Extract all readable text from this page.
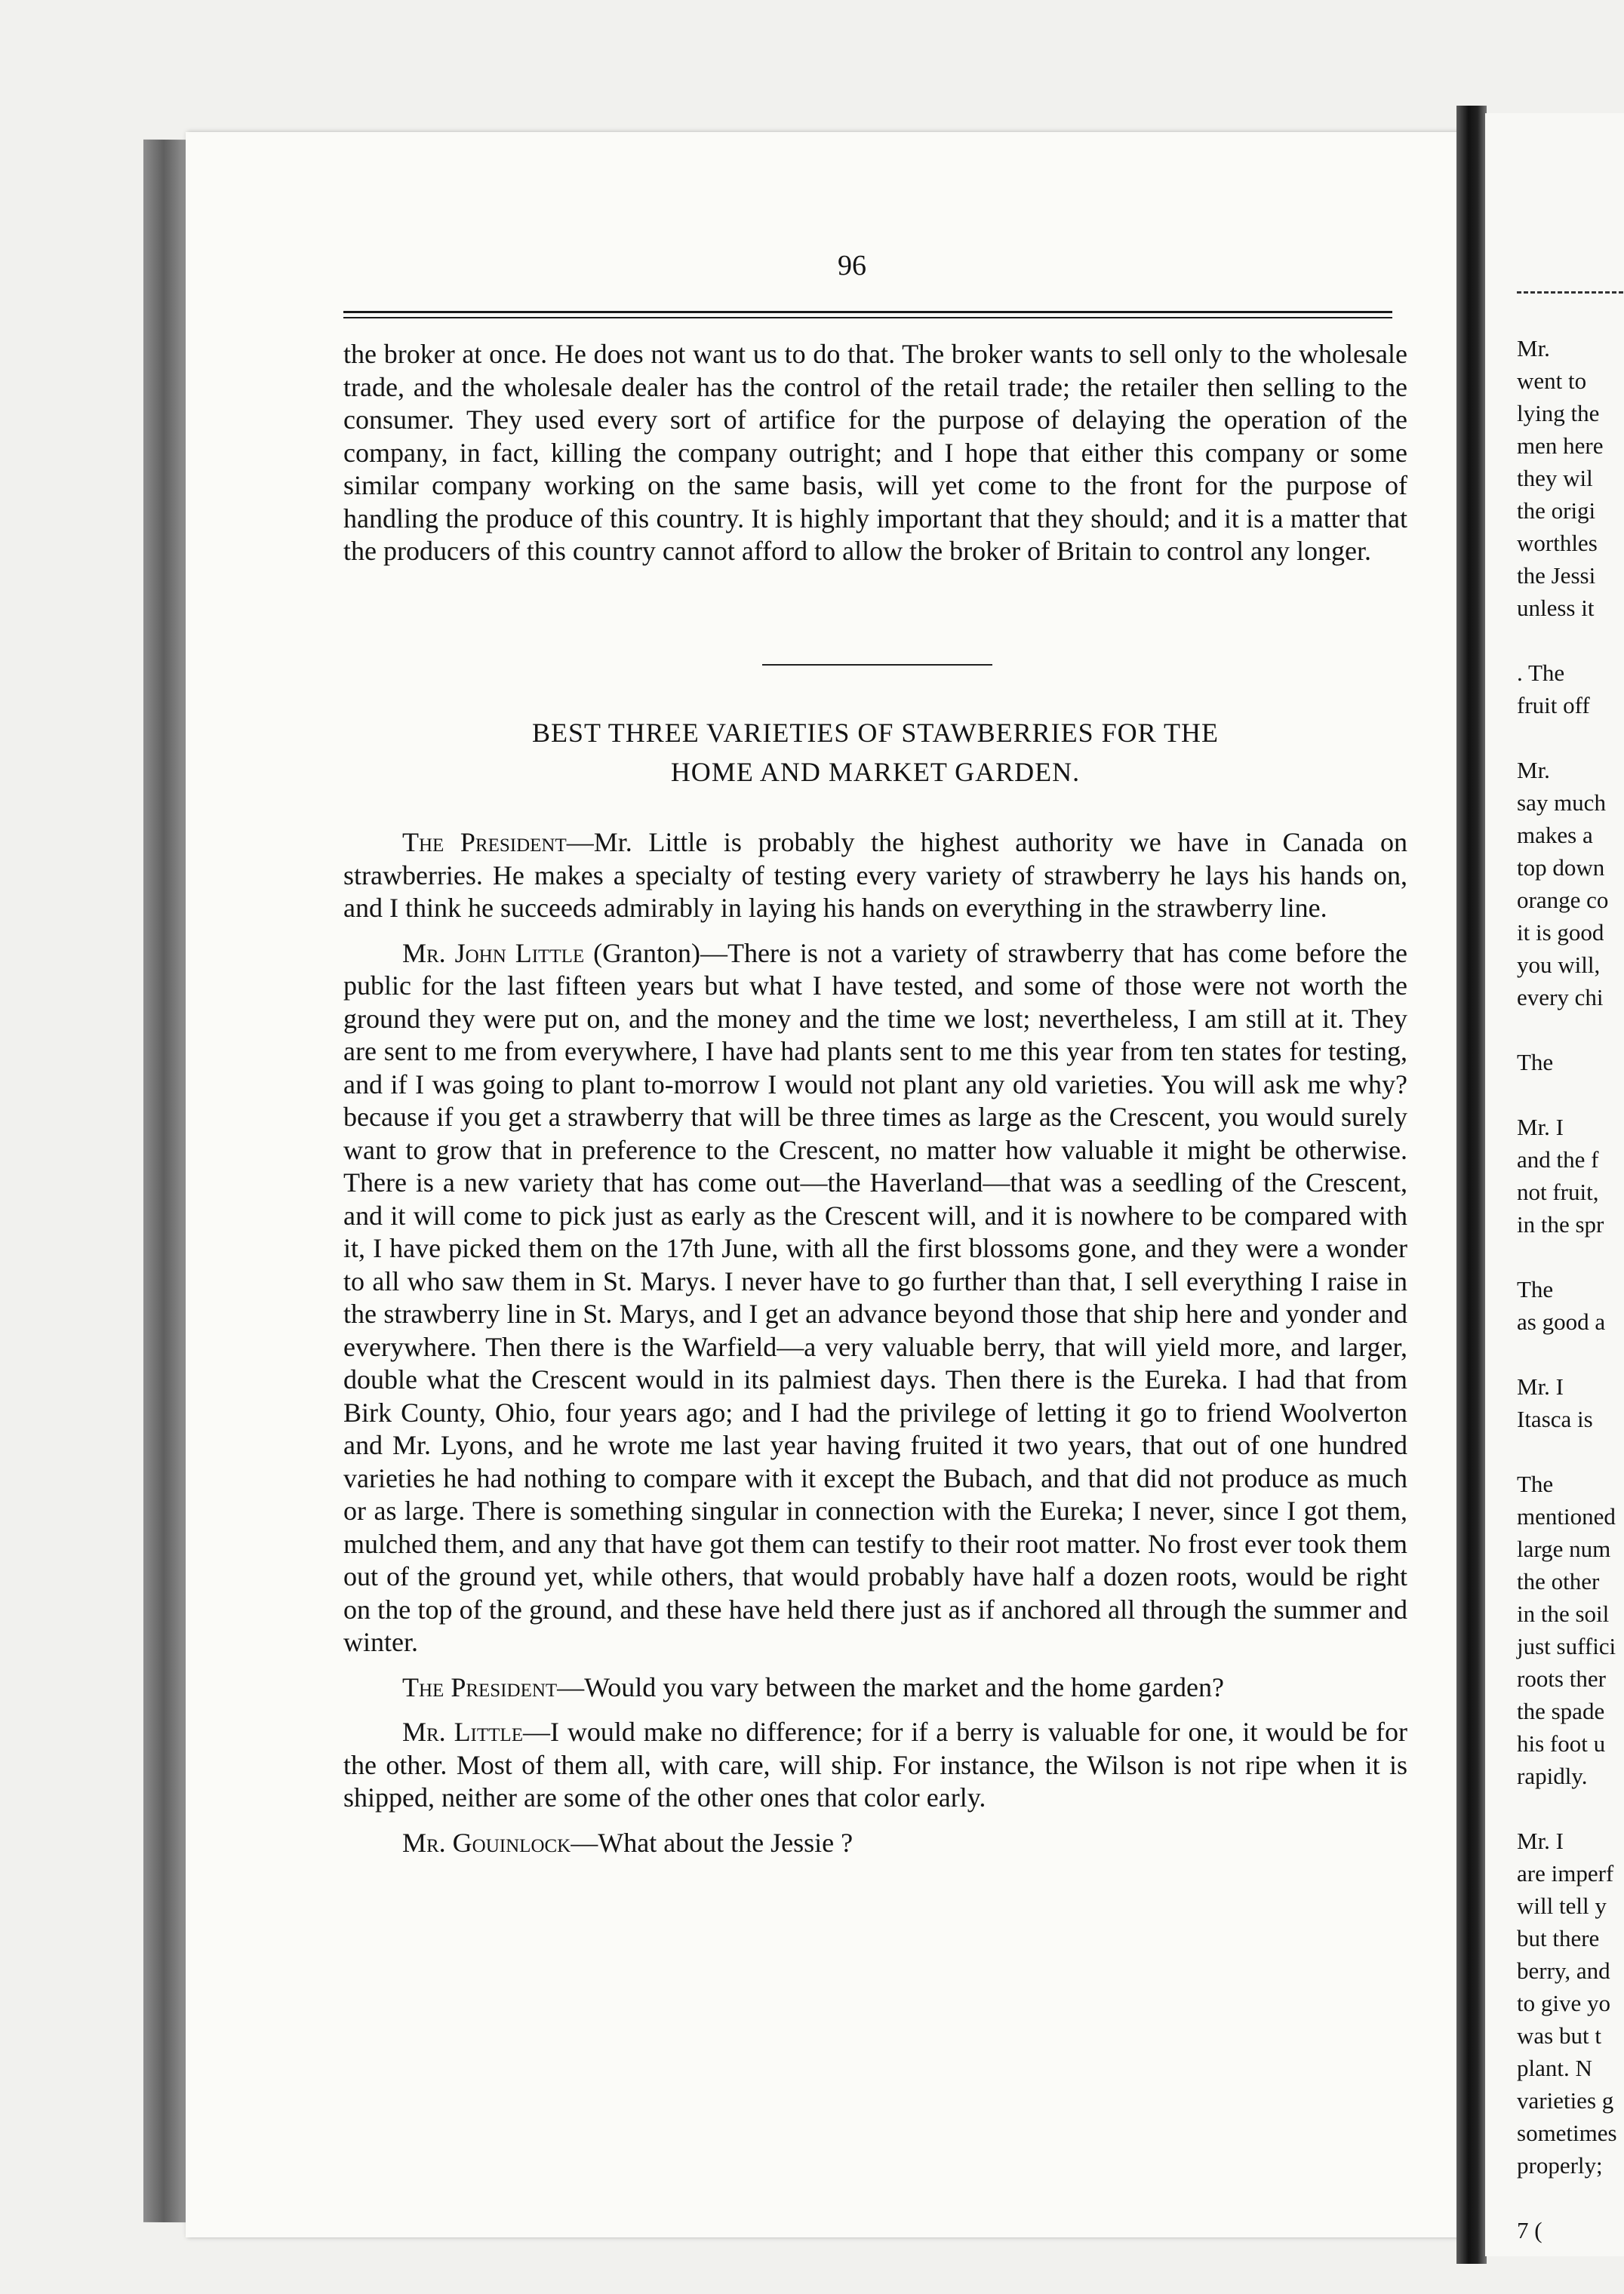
96

the broker at once. He does not want us to do that. The broker wants to sell only to the wholesale trade, and the wholesale dealer has the control of the retail trade; the retailer then selling to the consumer. They used every sort of artifice for the purpose of delaying the operation of the company, in fact, killing the company outright; and I hope that either this company or some similar company working on the same basis, will yet come to the front for the purpose of handling the produce of this country. It is highly important that they should; and it is a matter that the producers of this country cannot afford to allow the broker of Britain to control any longer.

BEST THREE VARIETIES OF STAWBERRIES FOR THE
HOME AND MARKET GARDEN.

The President—Mr. Little is probably the highest authority we have in Canada on strawberries. He makes a specialty of testing every variety of strawberry he lays his hands on, and I think he succeeds admirably in laying his hands on everything in the strawberry line.

Mr. John Little (Granton)—There is not a variety of strawberry that has come before the public for the last fifteen years but what I have tested, and some of those were not worth the ground they were put on, and the money and the time we lost; nevertheless, I am still at it. They are sent to me from everywhere, I have had plants sent to me this year from ten states for testing, and if I was going to plant to-morrow I would not plant any old varieties. You will ask me why? because if you get a strawberry that will be three times as large as the Crescent, you would surely want to grow that in preference to the Crescent, no matter how valuable it might be otherwise. There is a new variety that has come out—the Haverland—that was a seedling of the Crescent, and it will come to pick just as early as the Crescent will, and it is nowhere to be compared with it, I have picked them on the 17th June, with all the first blossoms gone, and they were a wonder to all who saw them in St. Marys. I never have to go further than that, I sell everything I raise in the strawberry line in St. Marys, and I get an advance beyond those that ship here and yonder and everywhere. Then there is the Warfield—a very valuable berry, that will yield more, and larger, double what the Crescent would in its palmiest days. Then there is the Eureka. I had that from Birk County, Ohio, four years ago; and I had the privilege of letting it go to friend Woolverton and Mr. Lyons, and he wrote me last year having fruited it two years, that out of one hundred varieties he had nothing to compare with it except the Bubach, and that did not produce as much or as large. There is something singular in connection with the Eureka; I never, since I got them, mulched them, and any that have got them can testify to their root matter. No frost ever took them out of the ground yet, while others, that would probably have half a dozen roots, would be right on the top of the ground, and these have held there just as if anchored all through the summer and winter.

The President—Would you vary between the market and the home garden?

Mr. Little—I would make no difference; for if a berry is valuable for one, it would be for the other. Most of them all, with care, will ship. For instance, the Wilson is not ripe when it is shipped, neither are some of the other ones that color early.

Mr. Gouinlock—What about the Jessie ?

Mr.
went to
lying the
men here
they wil
the origi
worthles
the Jessi
unless it
. The
fruit off
Mr.
say much
makes a
top down
orange co
it is good
you will,
every chi
The
Mr. I
and the f
not fruit,
in the spr
The
as good a
Mr. I
Itasca is
The
mentioned
large num
the other
in the soil
just suffici
roots ther
the spade
his foot u
rapidly.
Mr. I
are imperf
will tell y
but there
berry, and
to give yo
was but t
plant. N
varieties g
sometimes
properly;
7 (
